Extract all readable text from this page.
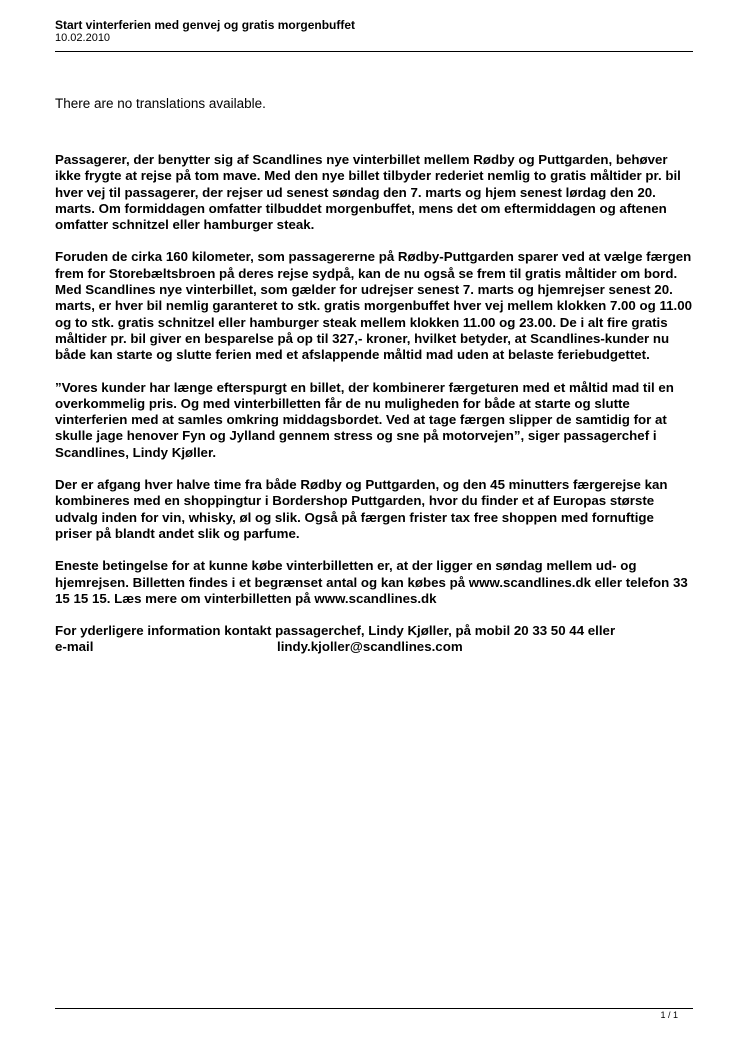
Start vinterferien med genvej og gratis morgenbuffet
10.02.2010
There are no translations available.

Passagerer, der benytter sig af Scandlines nye vinterbillet mellem Rødby og Puttgarden, behøver ikke frygte at rejse på tom mave. Med den nye billet tilbyder rederiet nemlig to gratis måltider pr. bil hver vej til passagerer, der rejser ud senest søndag den 7. marts og hjem senest lørdag den 20. marts. Om formiddagen omfatter tilbuddet morgenbuffet, mens det om eftermiddagen og aftenen omfatter schnitzel eller hamburger steak.

Foruden de cirka 160 kilometer, som passagererne på Rødby-Puttgarden sparer ved at vælge færgen frem for Storebæltsbroen på deres rejse sydpå, kan de nu også se frem til gratis måltider om bord. Med Scandlines nye vinterbillet, som gælder for udrejser senest 7. marts og hjemrejser senest 20. marts, er hver bil nemlig garanteret to stk. gratis morgenbuffet hver vej mellem klokken 7.00 og 11.00 og to stk. gratis schnitzel eller hamburger steak mellem klokken 11.00 og 23.00. De i alt fire gratis måltider pr. bil giver en besparelse på op til 327,- kroner, hvilket betyder, at Scandlines-kunder nu både kan starte og slutte ferien med et afslappende måltid mad uden at belaste feriebudgettet.

”Vores kunder har længe efterspurgt en billet, der kombinerer færgeturen med et måltid mad til en overkommelig pris. Og med vinterbilletten får de nu muligheden for både at starte og slutte vinterferien med at samles omkring middagsbordet. Ved at tage færgen slipper de samtidig for at skulle jage henover Fyn og Jylland gennem stress og sne på motorvejen”, siger passagerchef i Scandlines, Lindy Kjøller.

Der er afgang hver halve time fra både Rødby og Puttgarden, og den 45 minutters færgerejse kan kombineres med en shoppingtur i Bordershop Puttgarden, hvor du finder et af Europas største udvalg inden for vin, whisky, øl og slik. Også på færgen frister tax free shoppen med fornuftige priser på blandt andet slik og parfume.

Eneste betingelse for at kunne købe vinterbilletten er, at der ligger en søndag mellem ud- og hjemrejsen. Billetten findes i et begrænset antal og kan købes på www.scandlines.dk eller telefon 33 15 15 15. Læs mere om vinterbilletten på www.scandlines.dk

For yderligere information kontakt passagerchef, Lindy Kjøller, på mobil 20 33 50 44 eller
e-mail	lindy.kjoller@scandlines.com

1 / 1
